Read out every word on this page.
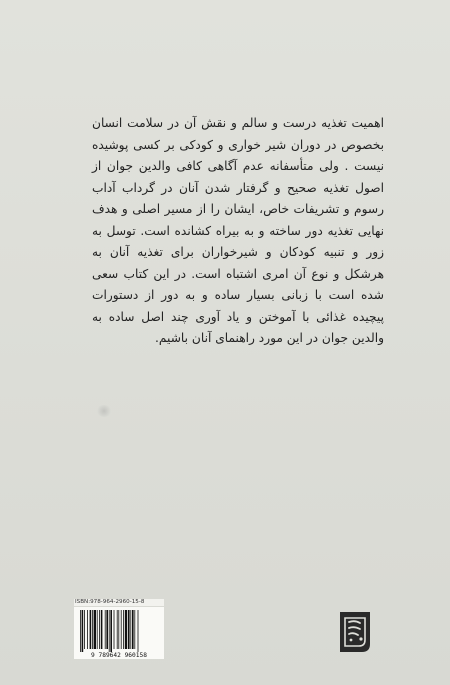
اهمیت تغذیه درست و سالم و نقش آن در سلامت انسان بخصوص در دوران شیر خواری و کودکی بر کسی پوشیده نیست . ولی متأسفانه عدم آگاهی کافی والدین جوان از اصول تغذیه صحیح و گرفتار شدن آنان در گرداب آداب رسوم و تشریفات خاص، ایشان را از مسیر اصلی و هدف نهایی تغذیه دور ساخته و به بیراه کشانده است. توسل به زور و تنبیه کودکان و شیرخواران برای تغذیه آنان به هرشکل و نوع آن امری اشتباه است. در این کتاب سعی شده است با زبانی بسیار ساده و به دور از دستورات پیچیده غذائی با آموختن و یاد آوری چند اصل ساده به والدین جوان در این مورد راهنمای آنان باشیم.

ISBN:978-964-2960-15-8
9 789642 960158
